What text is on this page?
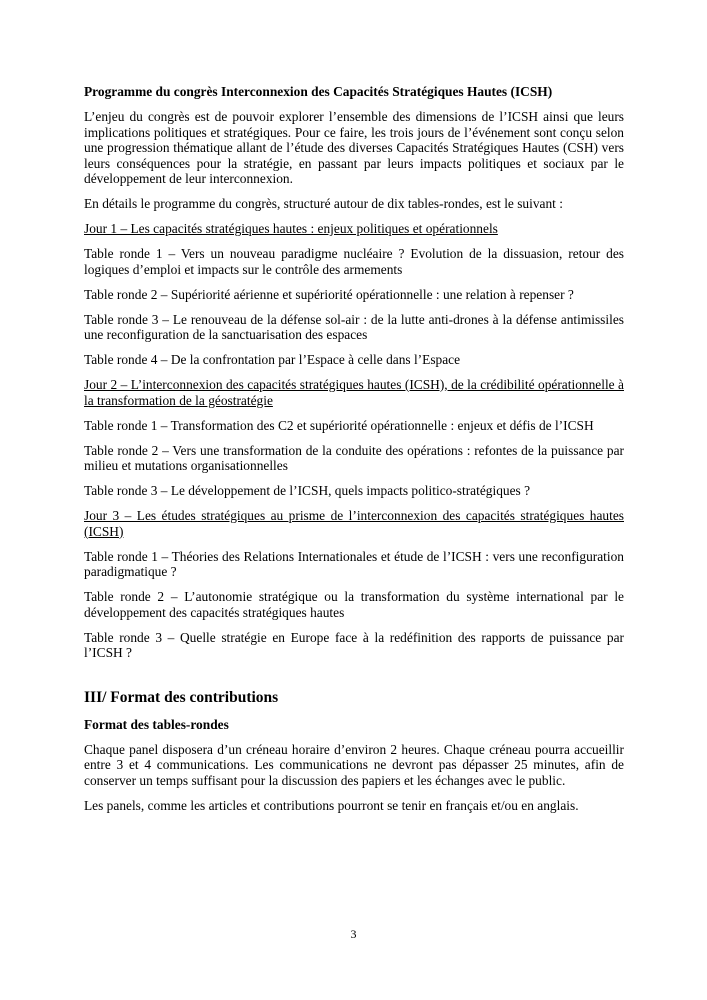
Programme du congrès Interconnexion des Capacités Stratégiques Hautes (ICSH)

L’enjeu du congrès est de pouvoir explorer l’ensemble des dimensions de l’ICSH ainsi que leurs implications politiques et stratégiques. Pour ce faire, les trois jours de l’événement sont conçu selon une progression thématique allant de l’étude des diverses Capacités Stratégiques Hautes (CSH) vers leurs conséquences pour la stratégie, en passant par leurs impacts politiques et sociaux par le développement de leur interconnexion.

En détails le programme du congrès, structuré autour de dix tables-rondes, est le suivant :

Jour 1 – Les capacités stratégiques hautes : enjeux politiques et opérationnels

Table ronde 1 – Vers un nouveau paradigme nucléaire ? Evolution de la dissuasion, retour des logiques d’emploi et impacts sur le contrôle des armements

Table ronde 2 – Supériorité aérienne et supériorité opérationnelle : une relation à repenser ?

Table ronde 3 – Le renouveau de la défense sol-air : de la lutte anti-drones à la défense antimissiles une reconfiguration de la sanctuarisation des espaces

Table ronde 4 – De la confrontation par l’Espace à celle dans l’Espace

Jour 2 – L’interconnexion des capacités stratégiques hautes (ICSH), de la crédibilité opérationnelle à la transformation de la géostratégie

Table ronde 1 – Transformation des C2 et supériorité opérationnelle : enjeux et défis de l’ICSH

Table ronde 2 – Vers une transformation de la conduite des opérations : refontes de la puissance par milieu et mutations organisationnelles

Table ronde 3 – Le développement de l’ICSH, quels impacts politico-stratégiques ?

Jour 3 – Les études stratégiques au prisme de l’interconnexion des capacités stratégiques hautes (ICSH)

Table ronde 1 – Théories des Relations Internationales et étude de l’ICSH : vers une reconfiguration paradigmatique ?

Table ronde 2 – L’autonomie stratégique ou la transformation du système international par le développement des capacités stratégiques hautes

Table ronde 3 – Quelle stratégie en Europe face à la redéfinition des rapports de puissance par l’ICSH ?

III/ Format des contributions

Format des tables-rondes

Chaque panel disposera d’un créneau horaire d’environ 2 heures. Chaque créneau pourra accueillir entre 3 et 4 communications. Les communications ne devront pas dépasser 25 minutes, afin de conserver un temps suffisant pour la discussion des papiers et les échanges avec le public.

Les panels, comme les articles et contributions pourront se tenir en français et/ou en anglais.

3
